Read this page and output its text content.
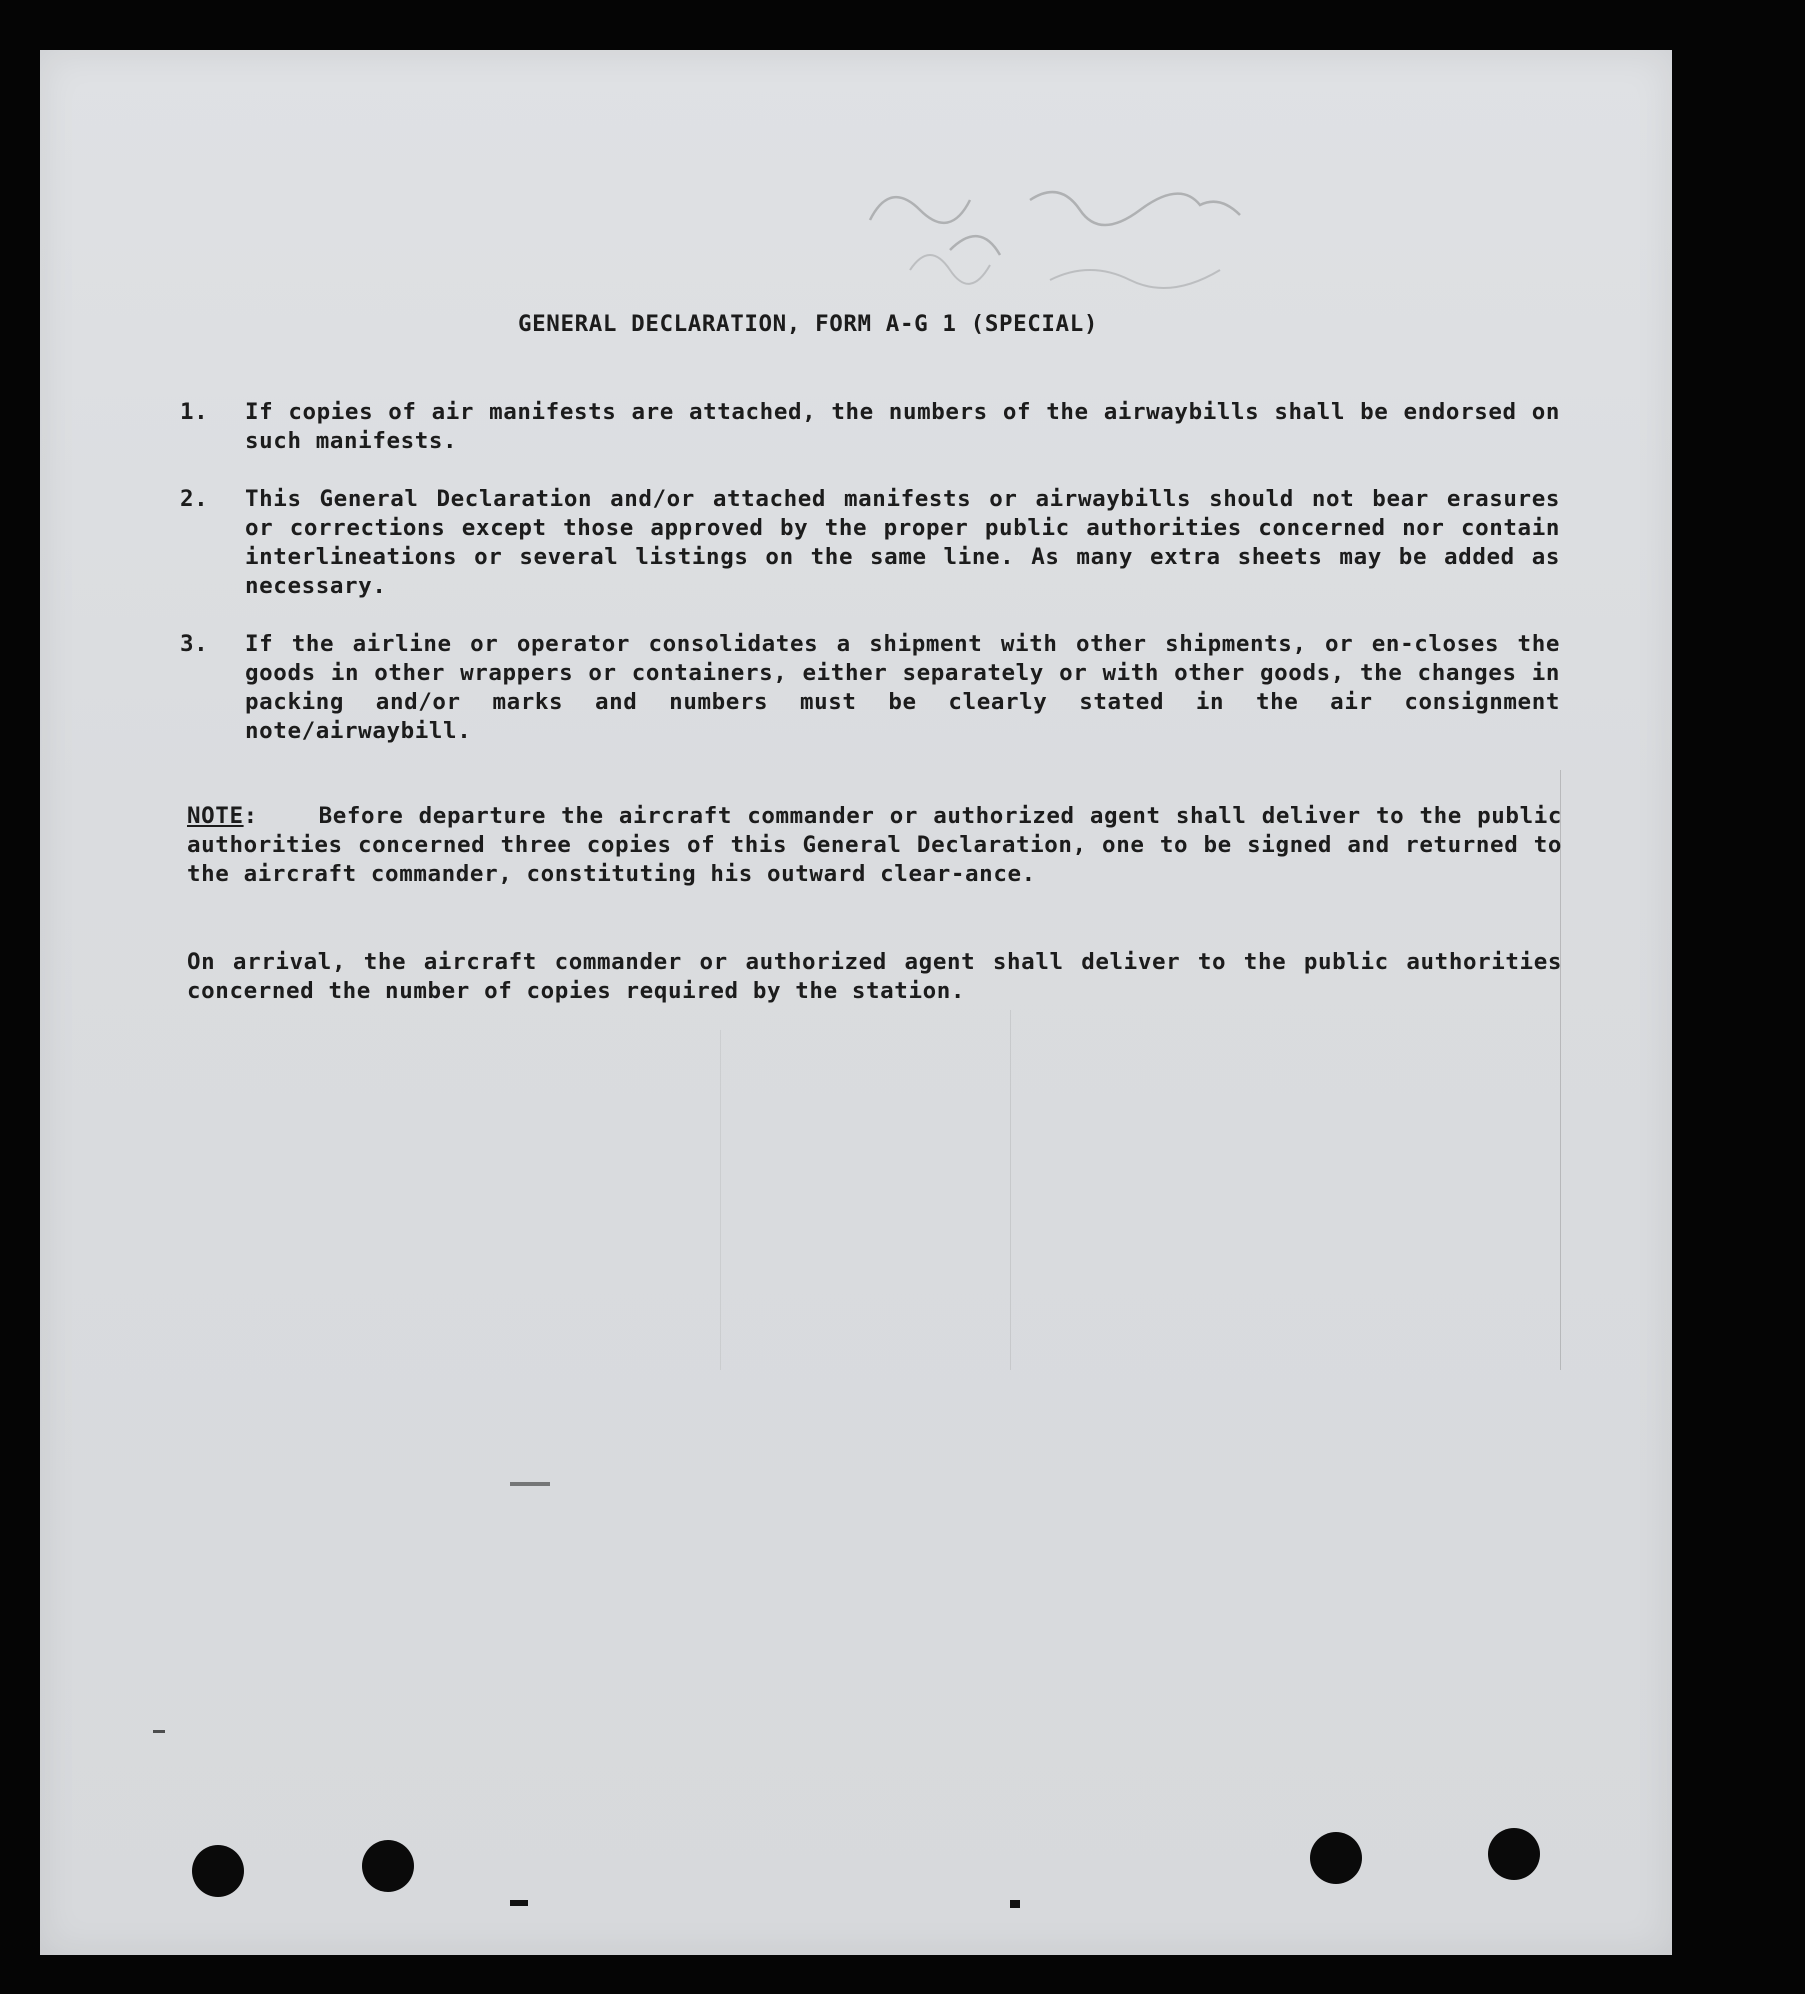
GENERAL DECLARATION, FORM A-G 1 (SPECIAL)
1. If copies of air manifests are attached, the numbers of the airwaybills shall be endorsed on such manifests.
2. This General Declaration and/or attached manifests or airwaybills should not bear erasures or corrections except those approved by the proper public authorities concerned nor contain interlineations or several listings on the same line. As many extra sheets may be added as necessary.
3. If the airline or operator consolidates a shipment with other shipments, or en-closes the goods in other wrappers or containers, either separately or with other goods, the changes in packing and/or marks and numbers must be clearly stated in the air consignment note/airwaybill.
NOTE:    Before departure the aircraft commander or authorized agent shall deliver to the public authorities concerned three copies of this General Declaration, one to be signed and returned to the aircraft commander, constituting his outward clear-ance.
On arrival, the aircraft commander or authorized agent shall deliver to the public authorities concerned the number of copies required by the station.
